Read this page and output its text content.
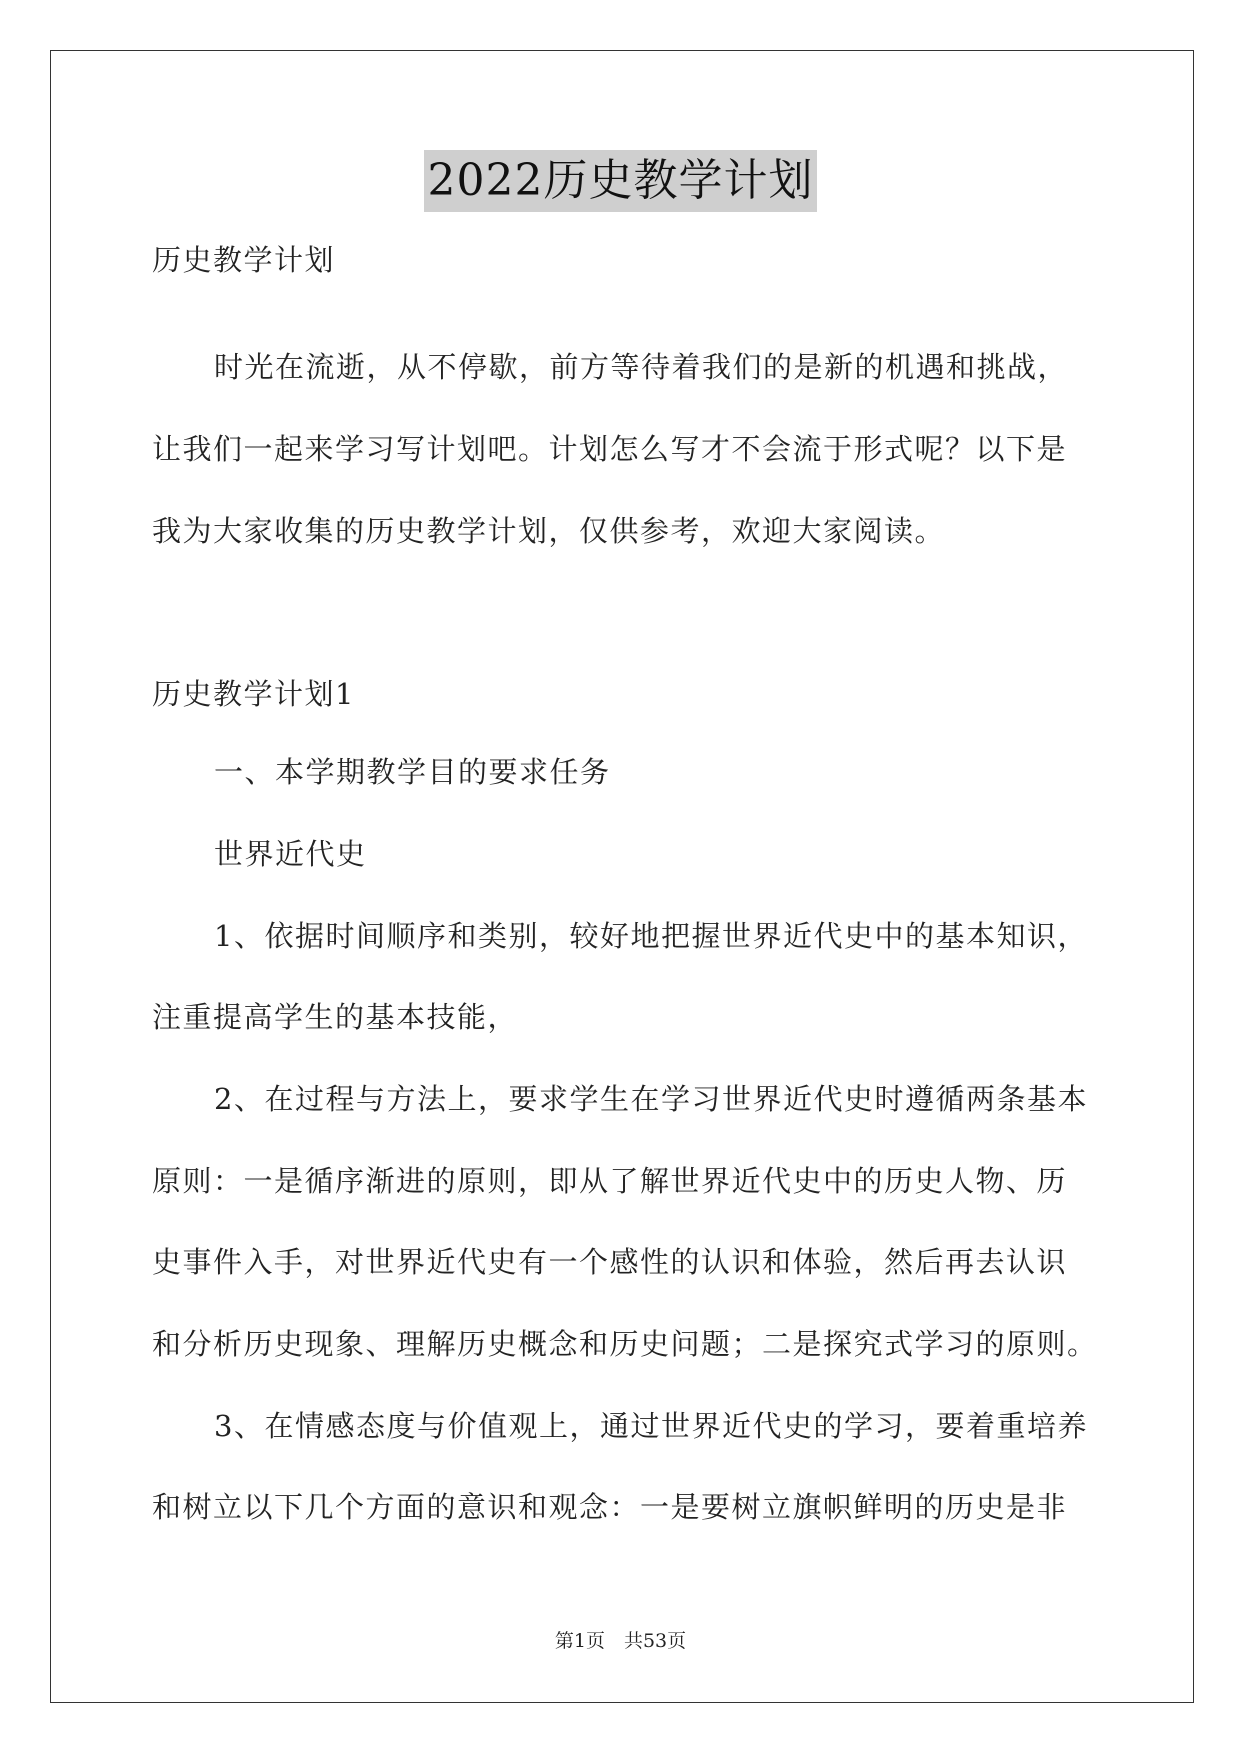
2022历史教学计划
历史教学计划
时光在流逝，从不停歇，前方等待着我们的是新的机遇和挑战，
让我们一起来学习写计划吧。计划怎么写才不会流于形式呢？以下是
我为大家收集的历史教学计划，仅供参考，欢迎大家阅读。
历史教学计划1
一、本学期教学目的要求任务
世界近代史
1、依据时间顺序和类别，较好地把握世界近代史中的基本知识，
注重提高学生的基本技能，
2、在过程与方法上，要求学生在学习世界近代史时遵循两条基本
原则：一是循序渐进的原则，即从了解世界近代史中的历史人物、历
史事件入手，对世界近代史有一个感性的认识和体验，然后再去认识
和分析历史现象、理解历史概念和历史问题；二是探究式学习的原则。
3、在情感态度与价值观上，通过世界近代史的学习，要着重培养
和树立以下几个方面的意识和观念：一是要树立旗帜鲜明的历史是非
第1页　共53页
